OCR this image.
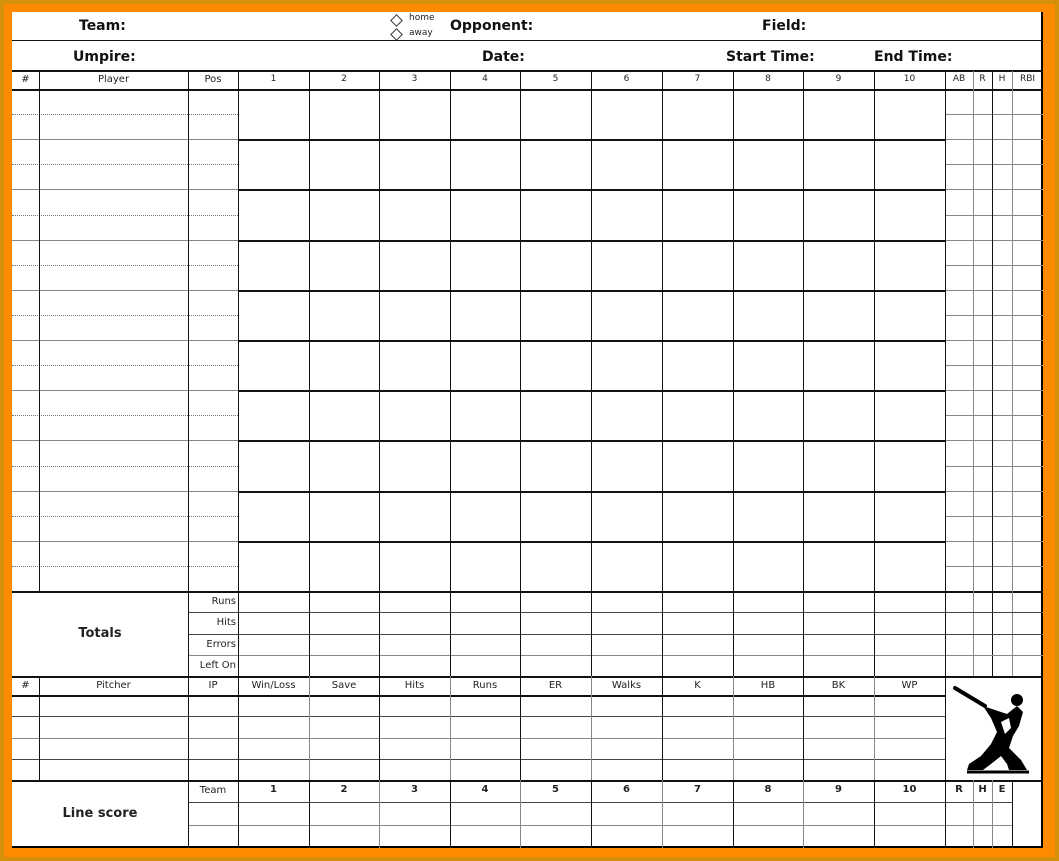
Team:	home
away Opponent:	Field:
Umpire:	Date:	Start Time:	End Time:
#	Player	Pos	1	2	3	4	5	6	7	8	9	10	AB	R	H	RBI
Totals
Runs
Hits
Errors
Left On
#	Pitcher	IP	Win/Loss	Save	Hits	Runs	ER	Walks	K	HB	BK	WP
Line score
Team	1	2	3	4	5	6	7	8	9	10	R	H	E
